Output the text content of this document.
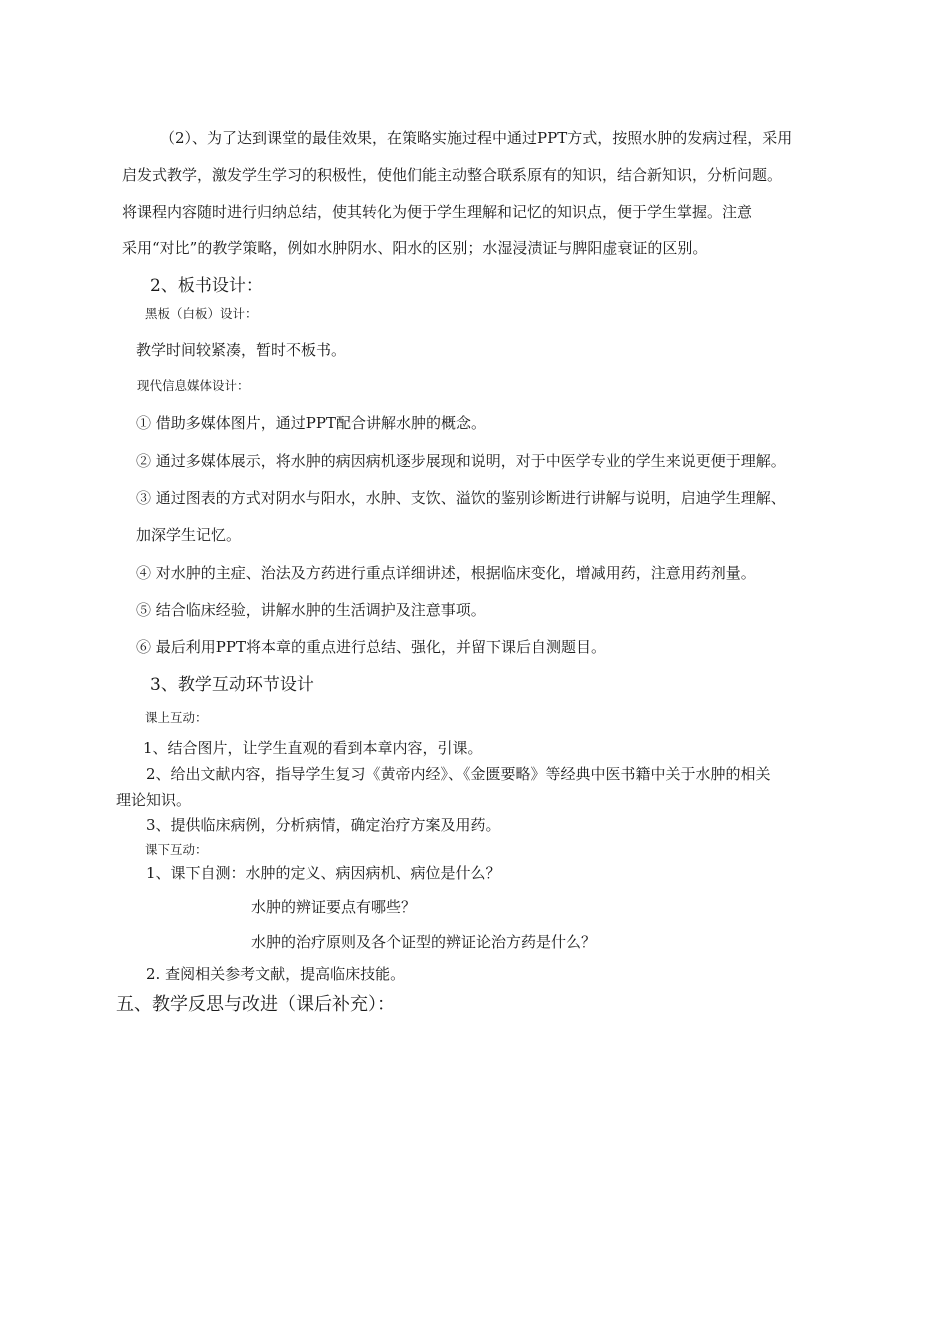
（2）、为了达到课堂的最佳效果，在策略实施过程中通过PPT方式，按照水肿的发病过程，采用
启发式教学，激发学生学习的积极性，使他们能主动整合联系原有的知识，结合新知识，分析问题。
将课程内容随时进行归纳总结，使其转化为便于学生理解和记忆的知识点，便于学生掌握。注意
采用“对比”的教学策略，例如水肿阴水、阳水的区别；水湿浸渍证与脾阳虚衰证的区别。
2、板书设计：
黑板（白板）设计：
教学时间较紧凑，暂时不板书。
现代信息媒体设计：
① 借助多媒体图片，通过PPT配合讲解水肿的概念。
② 通过多媒体展示，将水肿的病因病机逐步展现和说明，对于中医学专业的学生来说更便于理解。
③ 通过图表的方式对阴水与阳水，水肿、支饮、溢饮的鉴别诊断进行讲解与说明，启迪学生理解、
加深学生记忆。
④ 对水肿的主症、治法及方药进行重点详细讲述，根据临床变化，增减用药，注意用药剂量。
⑤ 结合临床经验，讲解水肿的生活调护及注意事项。
⑥ 最后利用PPT将本章的重点进行总结、强化，并留下课后自测题目。
3、教学互动环节设计
课上互动：
1、结合图片，让学生直观的看到本章内容，引课。
2、给出文献内容，指导学生复习《黄帝内经》、《金匮要略》等经典中医书籍中关于水肿的相关
理论知识。
3、提供临床病例，分析病情，确定治疗方案及用药。
课下互动：
1、课下自测：水肿的定义、病因病机、病位是什么？
水肿的辨证要点有哪些？
水肿的治疗原则及各个证型的辨证论治方药是什么？
2. 查阅相关参考文献，提高临床技能。
五、教学反思与改进（课后补充）：
